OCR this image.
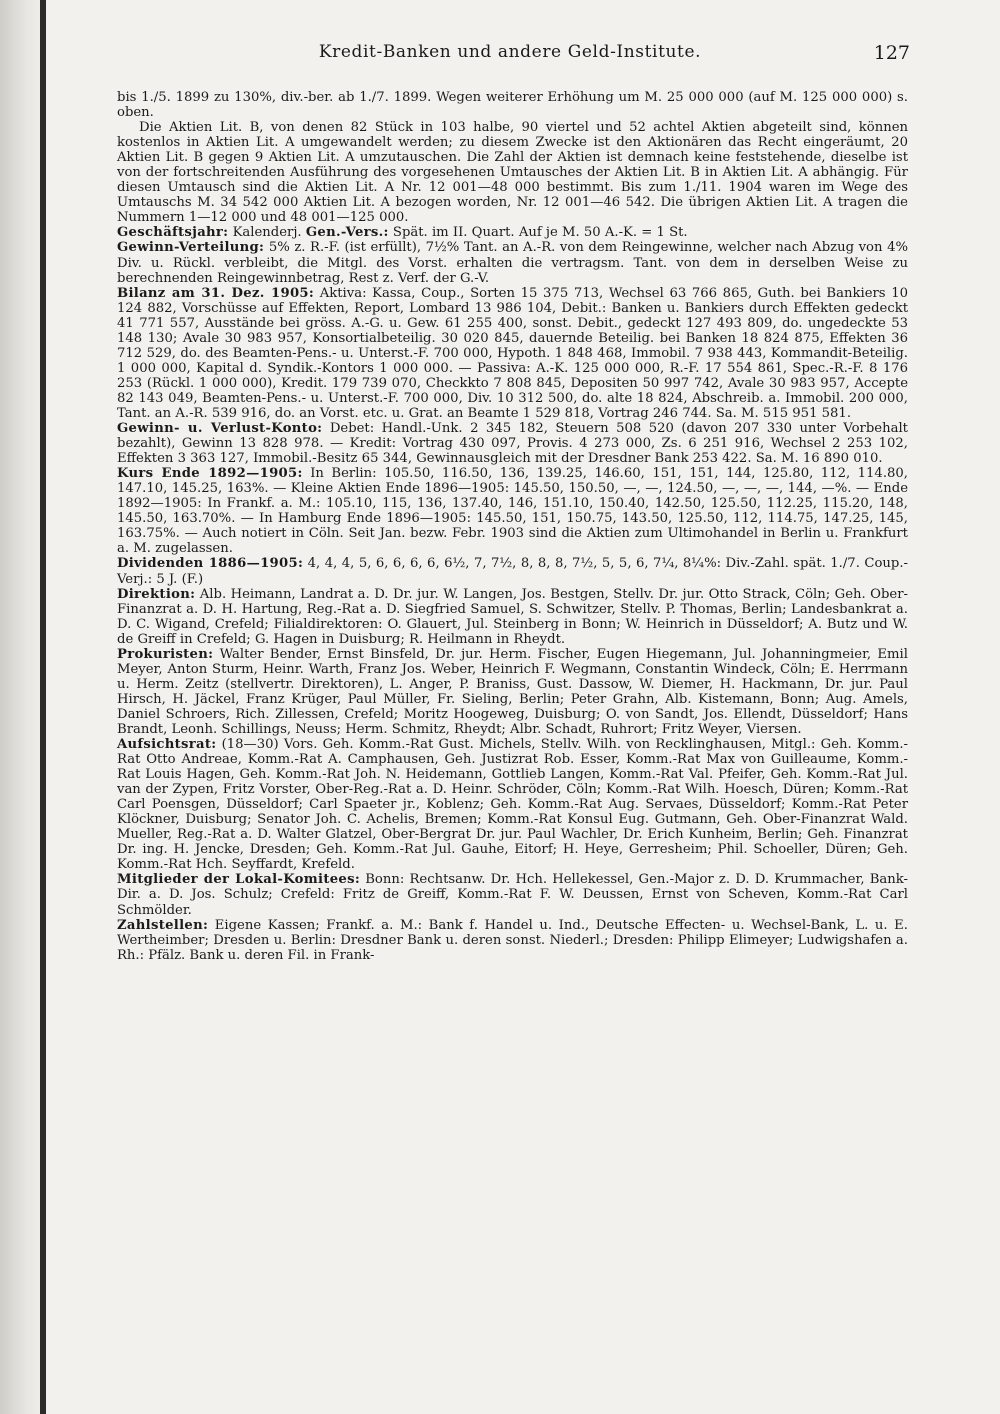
Kredit-Banken und andere Geld-Institute.	127

bis 1./5. 1899 zu 130%, div.-ber. ab 1./7. 1899. Wegen weiterer Erhöhung um M. 25 000 000 (auf M. 125 000 000) s. oben.

Die Aktien Lit. B, von denen 82 Stück in 103 halbe, 90 viertel und 52 achtel Aktien abgeteilt sind, können kostenlos in Aktien Lit. A umgewandelt werden; zu diesem Zwecke ist den Aktionären das Recht eingeräumt, 20 Aktien Lit. B gegen 9 Aktien Lit. A umzutauschen. Die Zahl der Aktien ist demnach keine feststehende, dieselbe ist von der fortschreitenden Ausführung des vorgesehenen Umtausches der Aktien Lit. B in Aktien Lit. A abhängig. Für diesen Umtausch sind die Aktien Lit. A Nr. 12 001—48 000 bestimmt. Bis zum 1./11. 1904 waren im Wege des Umtauschs M. 34 542 000 Aktien Lit. A bezogen worden, Nr. 12 001—46 542. Die übrigen Aktien Lit. A tragen die Nummern 1—12 000 und 48 001—125 000.

Geschäftsjahr: Kalenderj. Gen.-Vers.: Spät. im II. Quart. Auf je M. 50 A.-K. = 1 St.

Gewinn-Verteilung: 5% z. R.-F. (ist erfüllt), 7½% Tant. an A.-R. von dem Reingewinne, welcher nach Abzug von 4% Div. u. Rückl. verbleibt, die Mitgl. des Vorst. erhalten die vertragsm. Tant. von dem in derselben Weise zu berechnenden Reingewinnbetrag, Rest z. Verf. der G.-V.

Bilanz am 31. Dez. 1905: Aktiva: Kassa, Coup., Sorten 15 375 713, Wechsel 63 766 865, Guth. bei Bankiers 10 124 882, Vorschüsse auf Effekten, Report, Lombard 13 986 104, Debit.: Banken u. Bankiers durch Effekten gedeckt 41 771 557, Ausstände bei gröss. A.-G. u. Gew. 61 255 400, sonst. Debit., gedeckt 127 493 809, do. ungedeckte 53 148 130; Avale 30 983 957, Konsortialbeteilig. 30 020 845, dauernde Beteilig. bei Banken 18 824 875, Effekten 36 712 529, do. des Beamten-Pens.- u. Unterst.-F. 700 000, Hypoth. 1 848 468, Immobil. 7 938 443, Kommandit-Beteilig. 1 000 000, Kapital d. Syndik.-Kontors 1 000 000. — Passiva: A.-K. 125 000 000, R.-F. 17 554 861, Spec.-R.-F. 8 176 253 (Rückl. 1 000 000), Kredit. 179 739 070, Checkkto 7 808 845, Depositen 50 997 742, Avale 30 983 957, Accepte 82 143 049, Beamten-Pens.- u. Unterst.-F. 700 000, Div. 10 312 500, do. alte 18 824, Abschreib. a. Immobil. 200 000, Tant. an A.-R. 539 916, do. an Vorst. etc. u. Grat. an Beamte 1 529 818, Vortrag 246 744. Sa. M. 515 951 581.

Gewinn- u. Verlust-Konto: Debet: Handl.-Unk. 2 345 182, Steuern 508 520 (davon 207 330 unter Vorbehalt bezahlt), Gewinn 13 828 978. — Kredit: Vortrag 430 097, Provis. 4 273 000, Zs. 6 251 916, Wechsel 2 253 102, Effekten 3 363 127, Immobil.-Besitz 65 344, Gewinnausgleich mit der Dresdner Bank 253 422. Sa. M. 16 890 010.

Kurs Ende 1892—1905: In Berlin: 105.50, 116.50, 136, 139.25, 146.60, 151, 151, 144, 125.80, 112, 114.80, 147.10, 145.25, 163%. — Kleine Aktien Ende 1896—1905: 145.50, 150.50, —, —, 124.50, —, —, —, 144, —%. — Ende 1892—1905: In Frankf. a. M.: 105.10, 115, 136, 137.40, 146, 151.10, 150.40, 142.50, 125.50, 112.25, 115.20, 148, 145.50, 163.70%. — In Hamburg Ende 1896—1905: 145.50, 151, 150.75, 143.50, 125.50, 112, 114.75, 147.25, 145, 163.75%. — Auch notiert in Cöln. Seit Jan. bezw. Febr. 1903 sind die Aktien zum Ultimohandel in Berlin u. Frankfurt a. M. zugelassen.

Dividenden 1886—1905: 4, 4, 4, 5, 6, 6, 6, 6, 6½, 7, 7½, 8, 8, 8, 7½, 5, 5, 6, 7¼, 8¼%: Div.-Zahl. spät. 1./7. Coup.-Verj.: 5 J. (F.)

Direktion: Alb. Heimann, Landrat a. D. Dr. jur. W. Langen, Jos. Bestgen, Stellv. Dr. jur. Otto Strack, Cöln; Geh. Ober-Finanzrat a. D. H. Hartung, Reg.-Rat a. D. Siegfried Samuel, S. Schwitzer, Stellv. P. Thomas, Berlin; Landesbankrat a. D. C. Wigand, Crefeld; Filialdirektoren: O. Glauert, Jul. Steinberg in Bonn; W. Heinrich in Düsseldorf; A. Butz und W. de Greiff in Crefeld; G. Hagen in Duisburg; R. Heilmann in Rheydt.

Prokuristen: Walter Bender, Ernst Binsfeld, Dr. jur. Herm. Fischer, Eugen Hiegemann, Jul. Johanningmeier, Emil Meyer, Anton Sturm, Heinr. Warth, Franz Jos. Weber, Heinrich F. Wegmann, Constantin Windeck, Cöln; E. Herrmann u. Herm. Zeitz (stellvertr. Direktoren), L. Anger, P. Braniss, Gust. Dassow, W. Diemer, H. Hackmann, Dr. jur. Paul Hirsch, H. Jäckel, Franz Krüger, Paul Müller, Fr. Sieling, Berlin; Peter Grahn, Alb. Kistemann, Bonn; Aug. Amels, Daniel Schroers, Rich. Zillessen, Crefeld; Moritz Hoogeweg, Duisburg; O. von Sandt, Jos. Ellendt, Düsseldorf; Hans Brandt, Leonh. Schillings, Neuss; Herm. Schmitz, Rheydt; Albr. Schadt, Ruhrort; Fritz Weyer, Viersen.

Aufsichtsrat: (18—30) Vors. Geh. Komm.-Rat Gust. Michels, Stellv. Wilh. von Recklinghausen, Mitgl.: Geh. Komm.-Rat Otto Andreae, Komm.-Rat A. Camphausen, Geh. Justizrat Rob. Esser, Komm.-Rat Max von Guilleaume, Komm.-Rat Louis Hagen, Geh. Komm.-Rat Joh. N. Heidemann, Gottlieb Langen, Komm.-Rat Val. Pfeifer, Geh. Komm.-Rat Jul. van der Zypen, Fritz Vorster, Ober-Reg.-Rat a. D. Heinr. Schröder, Cöln; Komm.-Rat Wilh. Hoesch, Düren; Komm.-Rat Carl Poensgen, Düsseldorf; Carl Spaeter jr., Koblenz; Geh. Komm.-Rat Aug. Servaes, Düsseldorf; Komm.-Rat Peter Klöckner, Duisburg; Senator Joh. C. Achelis, Bremen; Komm.-Rat Konsul Eug. Gutmann, Geh. Ober-Finanzrat Wald. Mueller, Reg.-Rat a. D. Walter Glatzel, Ober-Bergrat Dr. jur. Paul Wachler, Dr. Erich Kunheim, Berlin; Geh. Finanzrat Dr. ing. H. Jencke, Dresden; Geh. Komm.-Rat Jul. Gauhe, Eitorf; H. Heye, Gerresheim; Phil. Schoeller, Düren; Geh. Komm.-Rat Hch. Seyffardt, Krefeld.

Mitglieder der Lokal-Komitees: Bonn: Rechtsanw. Dr. Hch. Hellekessel, Gen.-Major z. D. D. Krummacher, Bank-Dir. a. D. Jos. Schulz; Crefeld: Fritz de Greiff, Komm.-Rat F. W. Deussen, Ernst von Scheven, Komm.-Rat Carl Schmölder.

Zahlstellen: Eigene Kassen; Frankf. a. M.: Bank f. Handel u. Ind., Deutsche Effecten- u. Wechsel-Bank, L. u. E. Wertheimber; Dresden u. Berlin: Dresdner Bank u. deren sonst. Niederl.; Dresden: Philipp Elimeyer; Ludwigshafen a. Rh.: Pfälz. Bank u. deren Fil. in Frank-
